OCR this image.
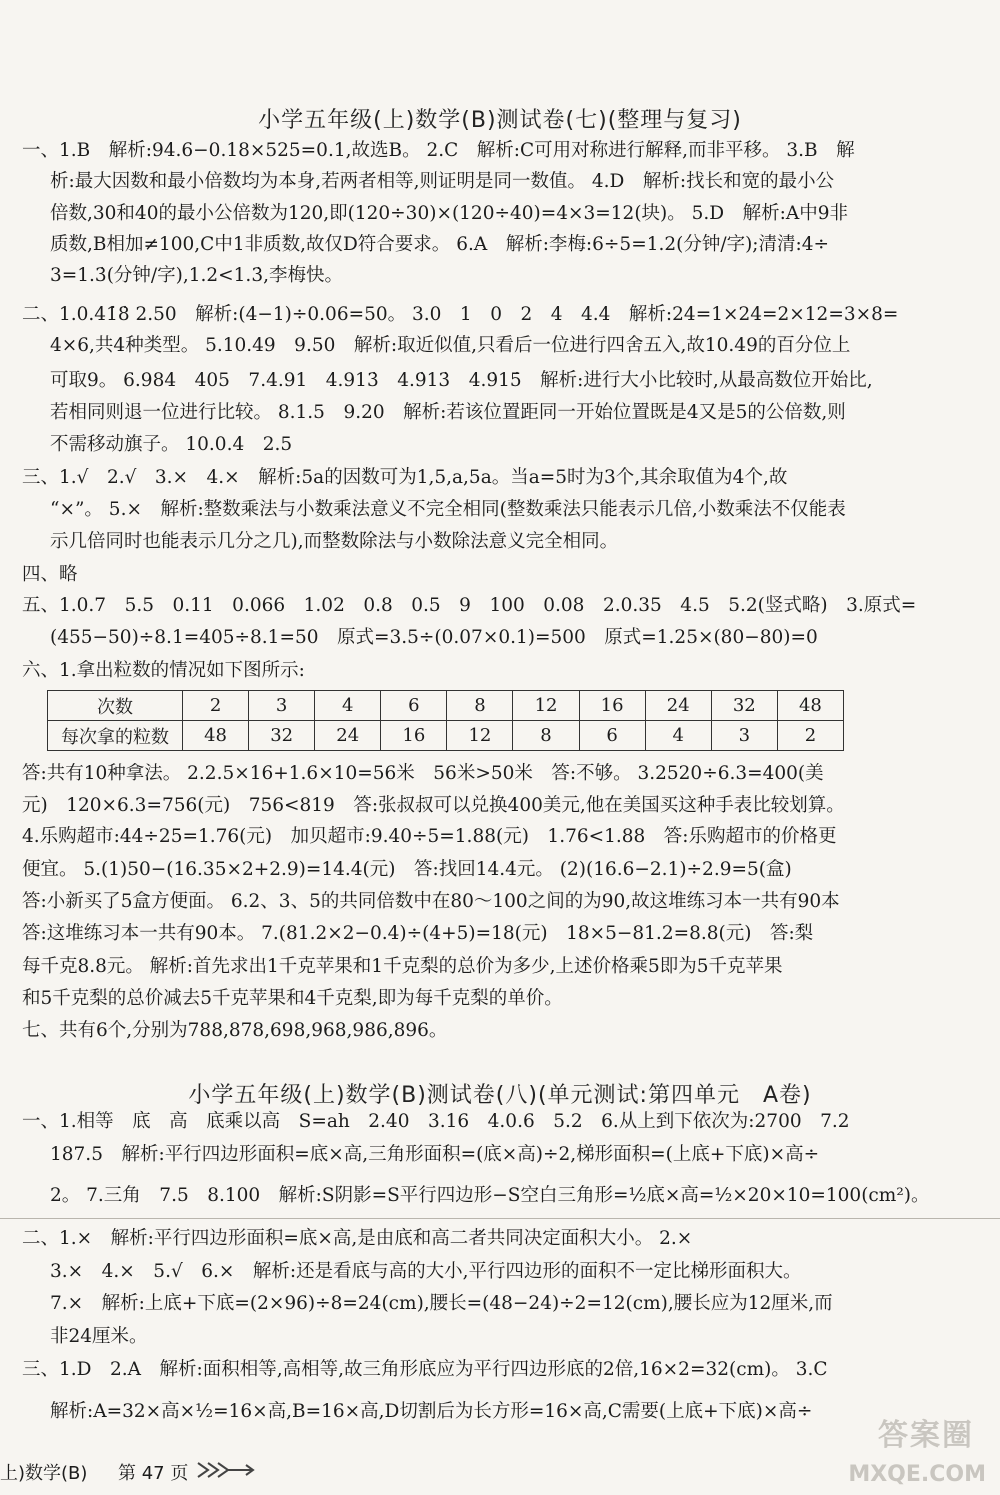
小学五年级(上)数学(B)测试卷(七)(整理与复习)
一、1.B　解析:94.6−0.18×525=0.1,故选B。 2.C　解析:C可用对称进行解释,而非平移。 3.B　解
析:最大因数和最小倍数均为本身,若两者相等,则证明是同一数值。 4.D　解析:找长和宽的最小公
倍数,30和40的最小公倍数为120,即(120÷30)×(120÷40)=4×3=12(块)。 5.D　解析:A中9非
质数,B相加≠100,C中1非质数,故仅D符合要求。 6.A　解析:李梅:6÷5=1.2(分钟/字);清清:4÷
3=1.3̇(分钟/字),1.2<1.3̇,李梅快。
二、1.0.41̇8̇ 2.50　解析:(4−1)÷0.06=50。 3.0　1　0　2　4　4.4　解析:24=1×24=2×12=3×8=
4×6,共4种类型。 5.10.49　9.50　解析:取近似值,只看后一位进行四舍五入,故10.49的百分位上
可取9。 6.984　405　7.4.91　4.913̇　4.9̇13̇　4.9̇15̇　解析:进行大小比较时,从最高数位开始比,
若相同则退一位进行比较。 8.1.5　9.20　解析:若该位置距同一开始位置既是4又是5的公倍数,则
不需移动旗子。 10.0.4　2.5
三、1.√　2.√　3.×　4.×　解析:5a的因数可为1,5,a,5a。当a=5时为3个,其余取值为4个,故
“×”。 5.×　解析:整数乘法与小数乘法意义不完全相同(整数乘法只能表示几倍,小数乘法不仅能表
示几倍同时也能表示几分之几),而整数除法与小数除法意义完全相同。
四、略
五、1.0.7　5.5　0.11　0.066　1.02　0.8　0.5　9　100　0.08　2.0.35　4.5　5.2(竖式略)　3.原式=
(455−50)÷8.1=405÷8.1=50　原式=3.5÷(0.07×0.1)=500　原式=1.25×(80−80)=0
六、1.拿出粒数的情况如下图所示:
次数	2	3	4	6	8	12	16	24	32	48
每次拿的粒数	48	32	24	16	12	8	6	4	3	2
答:共有10种拿法。 2.2.5×16+1.6×10=56米　56米>50米　答:不够。 3.2520÷6.3=400(美
元)　120×6.3=756(元)　756<819　答:张叔叔可以兑换400美元,他在美国买这种手表比较划算。
4.乐购超市:44÷25=1.76(元)　加贝超市:9.40÷5=1.88(元)　1.76<1.88　答:乐购超市的价格更
便宜。 5.(1)50−(16.35×2+2.9)=14.4(元)　答:找回14.4元。 (2)(16.6−2.1)÷2.9=5(盒)
答:小新买了5盒方便面。 6.2、3、5的共同倍数中在80～100之间的为90,故这堆练习本一共有90本
答:这堆练习本一共有90本。 7.(81.2×2−0.4)÷(4+5)=18(元)　18×5−81.2=8.8(元)　答:梨
每千克8.8元。 解析:首先求出1千克苹果和1千克梨的总价为多少,上述价格乘5即为5千克苹果
和5千克梨的总价减去5千克苹果和4千克梨,即为每千克梨的单价。
七、共有6个,分别为788,878,698,968,986,896。
小学五年级(上)数学(B)测试卷(八)(单元测试:第四单元　A卷)
一、1.相等　底　高　底乘以高　S=ah　2.40　3.16　4.0.6　5.2　6.从上到下依次为:2700　7.2
187.5　解析:平行四边形面积=底×高,三角形面积=(底×高)÷2,梯形面积=(上底+下底)×高÷
2。 7.三角　7.5　8.100　解析:S阴影=S平行四边形−S空白三角形=½底×高=½×20×10=100(cm²)。
二、1.×　解析:平行四边形面积=底×高,是由底和高二者共同决定面积大小。 2.×
3.×　4.×　5.√　6.×　解析:还是看底与高的大小,平行四边形的面积不一定比梯形面积大。
7.×　解析:上底+下底=(2×96)÷8=24(cm),腰长=(48−24)÷2=12(cm),腰长应为12厘米,而
非24厘米。
三、1.D　2.A　解析:面积相等,高相等,故三角形底应为平行四边形底的2倍,16×2=32(cm)。 3.C
解析:A=32×高×½=16×高,B=16×高,D切割后为长方形=16×高,C需要(上底+下底)×高÷
上)数学(B) 第 47 页
答案圈
MXQE.COM
